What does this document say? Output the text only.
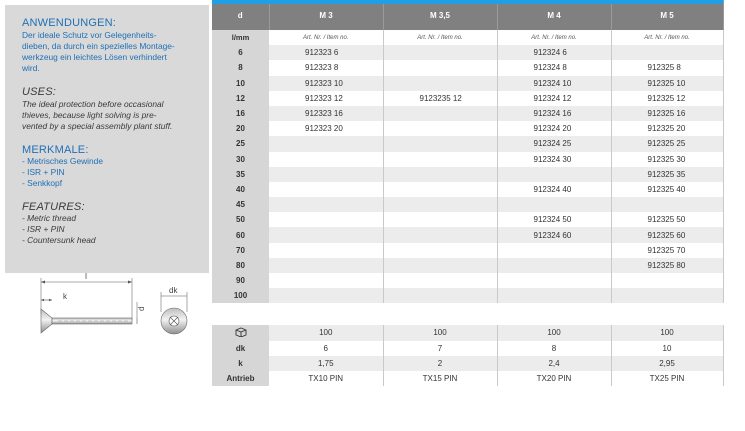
ANWENDUNGEN:

Der ideale Schutz vor Gelegenheits-
dieben, da durch ein spezielles Montage-
werkzeug ein leichtes Lösen verhindert
wird.

USES:

The ideal protection before occasional
thieves, because light solving is pre-
vented by a special assembly plant stuff.

MERKMALE:
- Metrisches Gewinde
- ISR + PIN
- Senkkopf
FEATURES:
- Metric thread
- ISR + PIN
- Countersunk head
l
k
d
dk
d	M 3	M 3,5	M 4	M 5
l/mm	Art. Nr. / Item no.	Art. Nr. / Item no.	Art. Nr. / Item no.	Art. Nr. / Item no.
6	912323 6		912324 6	
8	912323 8		912324 8	912325 8
10	912323 10		912324 10	912325 10
12	912323 12	9123235 12	912324 12	912325 12
16	912323 16		912324 16	912325 16
20	912323 20		912324 20	912325 20
25			912324 25	912325 25
30			912324 30	912325 30
35				912325 35
40			912324 40	912325 40
45				
50			912324 50	912325 50
60			912324 60	912325 60
70				912325 70
80				912325 80
90				
100				

	100	100	100	100
dk	6	7	8	10
k	1,75	2	2,4	2,95
Antrieb	TX10 PIN	TX15 PIN	TX20 PIN	TX25 PIN
